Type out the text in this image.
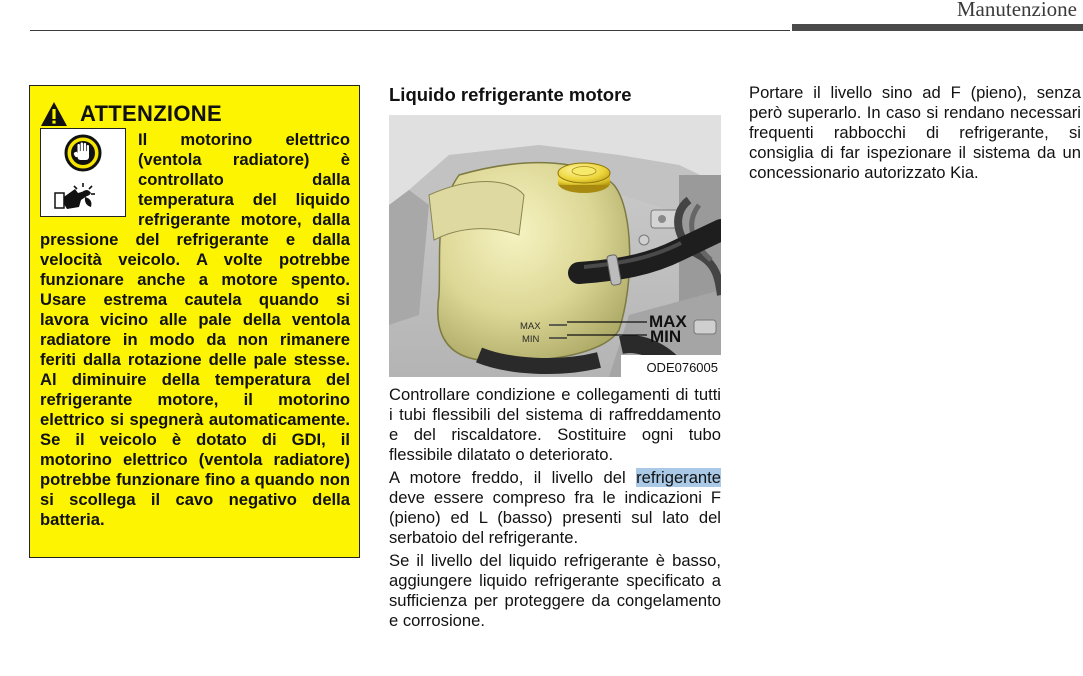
Manutenzione
ATTENZIONE

Il motorino elettrico (ventola radiatore) è controllato dalla temperatura del liquido refrigerante motore, dalla pressione del refrigerante e dalla velocità veicolo. A volte potrebbe funzionare anche a motore spento. Usare estrema cautela quando si lavora vicino alle pale della ventola radiatore in modo da non rimanere feriti dalla rotazione delle pale stesse. Al diminuire della temperatura del refrigerante motore, il motorino elettrico si spegnerà automaticamente. Se il veicolo è dotato di GDI, il motorino elettrico (ventola radiatore) potrebbe funzionare fino a quando non si scollega il cavo negativo della batteria.

Liquido refrigerante motore
MAX
MIN
MAX
MIN
ODE076005

Controllare condizione e collegamenti di tutti i tubi flessibili del sistema di raffreddamento e del riscaldatore. Sostituire ogni tubo flessibile dilatato o deteriorato.

A motore freddo, il livello del refrigerante deve essere compreso fra le indicazioni F (pieno) ed L (basso) presenti sul lato del serbatoio del refrigerante.

Se il livello del liquido refrigerante è basso, aggiungere liquido refrigerante specificato a sufficienza per proteggere da congelamento e corrosione.

Portare il livello sino ad F (pieno), senza però superarlo. In caso si rendano necessari frequenti rabbocchi di refrigerante, si consiglia di far ispezionare il sistema da un concessionario autorizzato Kia.
